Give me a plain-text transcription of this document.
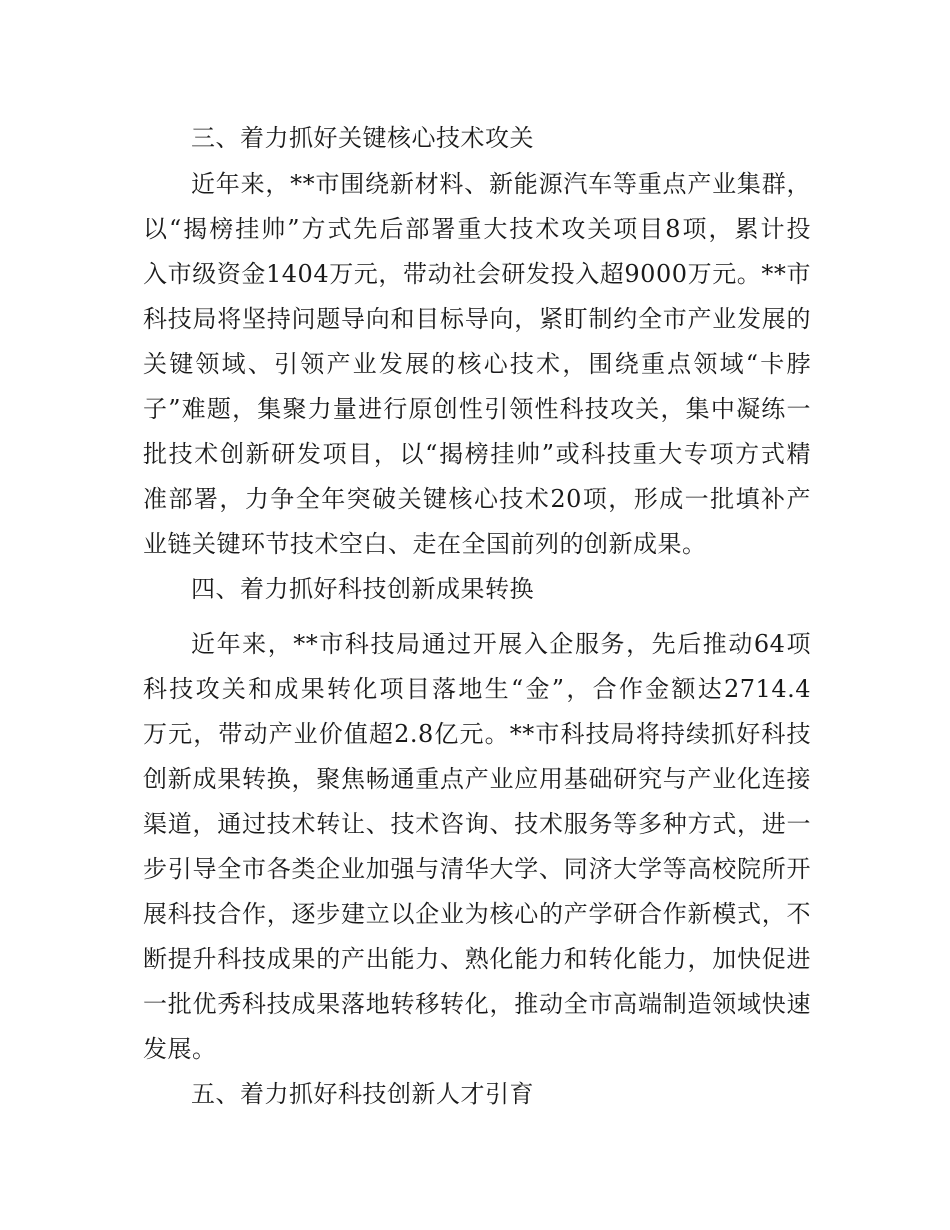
三、着力抓好关键核心技术攻关
近年来，**市围绕新材料、新能源汽车等重点产业集群，
以“揭榜挂帅”方式先后部署重大技术攻关项目8项，累计投
入市级资金1404万元，带动社会研发投入超9000万元。**市
科技局将坚持问题导向和目标导向，紧盯制约全市产业发展的
关键领域、引领产业发展的核心技术，围绕重点领域“卡脖
子”难题，集聚力量进行原创性引领性科技攻关，集中凝练一
批技术创新研发项目，以“揭榜挂帅”或科技重大专项方式精
准部署，力争全年突破关键核心技术20项，形成一批填补产
业链关键环节技术空白、走在全国前列的创新成果。
四、着力抓好科技创新成果转换
近年来，**市科技局通过开展入企服务，先后推动64项
科技攻关和成果转化项目落地生“金”，合作金额达2714.4
万元，带动产业价值超2.8亿元。**市科技局将持续抓好科技
创新成果转换，聚焦畅通重点产业应用基础研究与产业化连接
渠道，通过技术转让、技术咨询、技术服务等多种方式，进一
步引导全市各类企业加强与清华大学、同济大学等高校院所开
展科技合作，逐步建立以企业为核心的产学研合作新模式，不
断提升科技成果的产出能力、熟化能力和转化能力，加快促进
一批优秀科技成果落地转移转化，推动全市高端制造领域快速
发展。
五、着力抓好科技创新人才引育
